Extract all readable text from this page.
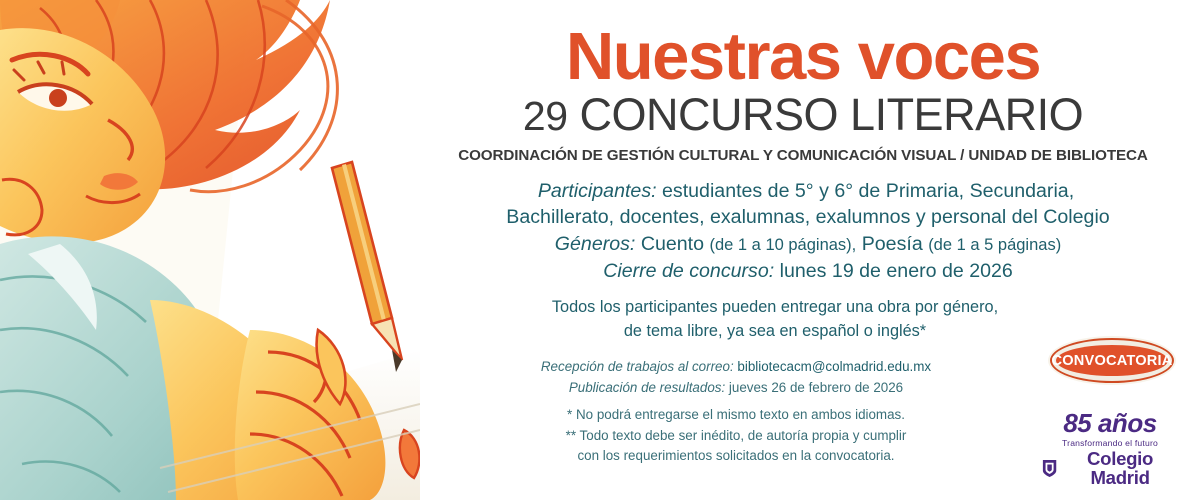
Nuestras voces
29 CONCURSO LITERARIO
COORDINACIÓN DE GESTIÓN CULTURAL Y COMUNICACIÓN VISUAL / UNIDAD DE BIBLIOTECA
Participantes: estudiantes de 5° y 6° de Primaria, Secundaria,
Bachillerato, docentes, exalumnas, exalumnos y personal del Colegio
Géneros: Cuento (de 1 a 10 páginas), Poesía (de 1 a 5 páginas)
Cierre de concurso: lunes 19 de enero de 2026
Todos los participantes pueden entregar una obra por género,
de tema libre, ya sea en español o inglés*
Recepción de trabajos al correo: bibliotecacm@colmadrid.edu.mx
Publicación de resultados: jueves 26 de febrero de 2026
* No podrá entregarse el mismo texto en ambos idiomas.
** Todo texto debe ser inédito, de autoría propia y cumplir
con los requerimientos solicitados en la convocatoria.
CONVOCATORIA
85 años
Transformando el futuro
Colegio Madrid
